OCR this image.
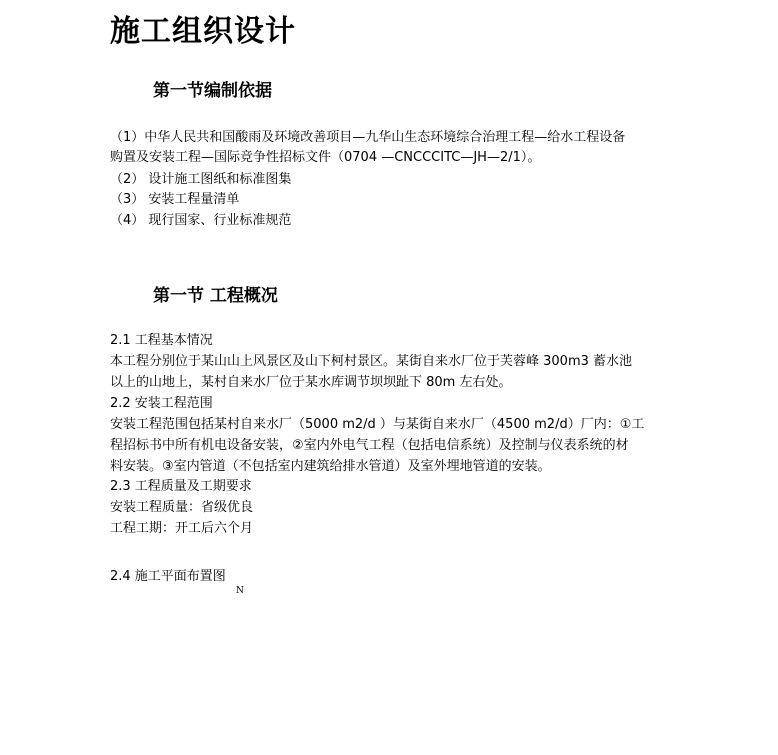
施工组织设计
第一节编制依据
（1）中华人民共和国酸雨及环境改善项目—九华山生态环境综合治理工程—给水工程设备
购置及安装工程—国际竞争性招标文件（0704 —CNCCCITC—JH—2/1）。
（2） 设计施工图纸和标准图集
（3） 安装工程量清单
（4） 现行国家、行业标准规范
第一节 工程概况
2.1 工程基本情况
本工程分别位于某山山上风景区及山下柯村景区。某街自来水厂位于芙蓉峰 300m3 蓄水池
以上的山地上，某村自来水厂位于某水库调节坝坝趾下 80m 左右处。
2.2 安装工程范围
安装工程范围包括某村自来水厂（5000 m2/d ）与某街自来水厂（4500 m2/d）厂内：①工
程招标书中所有机电设备安装，②室内外电气工程（包括电信系统）及控制与仪表系统的材
料安装。③室内管道（不包括室内建筑给排水管道）及室外埋地管道的安装。
2.3 工程质量及工期要求
安装工程质量：省级优良
工程工期：开工后六个月
2.4 施工平面布置图
N
